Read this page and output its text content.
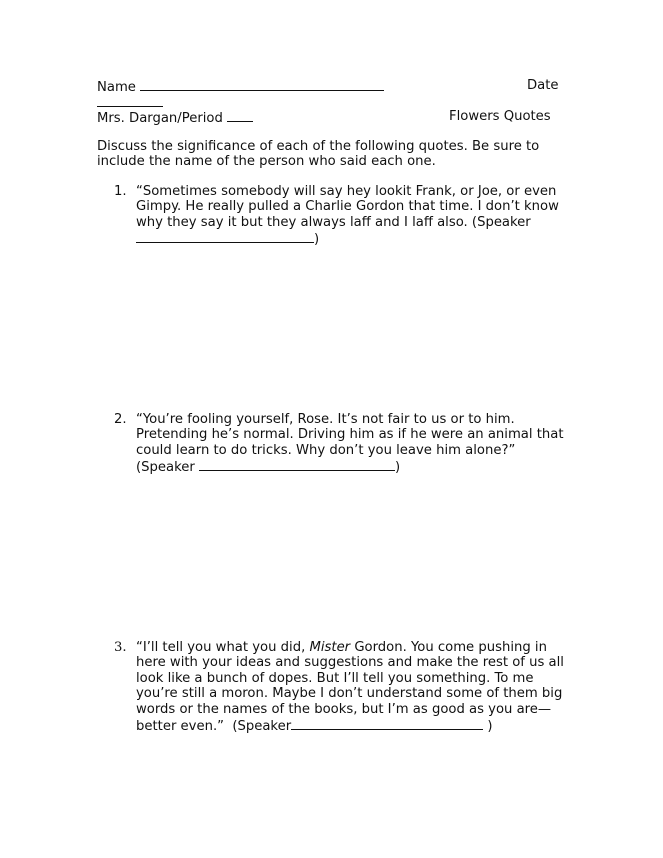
Name	Date
Mrs. Dargan/Period	Flowers Quotes
Discuss the significance of each of the following quotes. Be sure to
include the name of the person who said each one.
1. “Sometimes somebody will say hey lookit Frank, or Joe, or even
Gimpy. He really pulled a Charlie Gordon that time. I don’t know
why they say it but they always laff and I laff also. (Speaker
)
2. “You’re fooling yourself, Rose. It’s not fair to us or to him.
Pretending he’s normal. Driving him as if he were an animal that
could learn to do tricks. Why don’t you leave him alone?”
(Speaker	)
3. “I’ll tell you what you did, Mister Gordon. You come pushing in
here with your ideas and suggestions and make the rest of us all
look like a bunch of dopes. But I’ll tell you something. To me
you’re still a moron. Maybe I don’t understand some of them big
words or the names of the books, but I’m as good as you are—
better even.”  (Speaker	)
